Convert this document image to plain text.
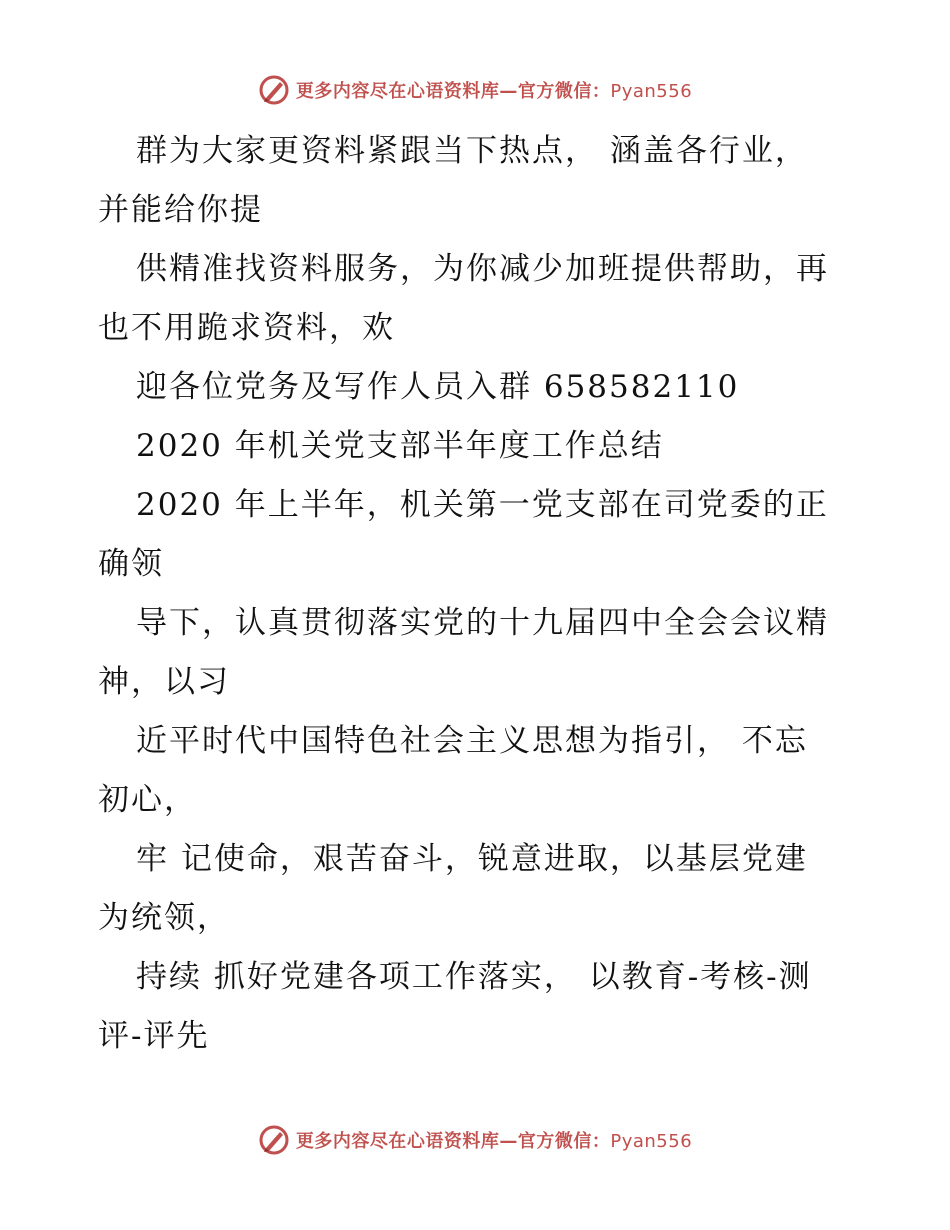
更多内容尽在心语资料库—官方微信：Pyan556
群为大家更资料紧跟当下热点， 涵盖各行业，
并能给你提
供精准找资料服务，为你减少加班提供帮助，再
也不用跪求资料，欢
迎各位党务及写作人员入群 658582110
2020 年机关党支部半年度工作总结
2020 年上半年，机关第一党支部在司党委的正
确领
导下，认真贯彻落实党的十九届四中全会会议精
神，以习
近平时代中国特色社会主义思想为指引， 不忘
初心，
牢 记使命，艰苦奋斗，锐意进取，以基层党建
为统领，
持续 抓好党建各项工作落实， 以教育-考核-测
评-评先
更多内容尽在心语资料库—官方微信：Pyan556
